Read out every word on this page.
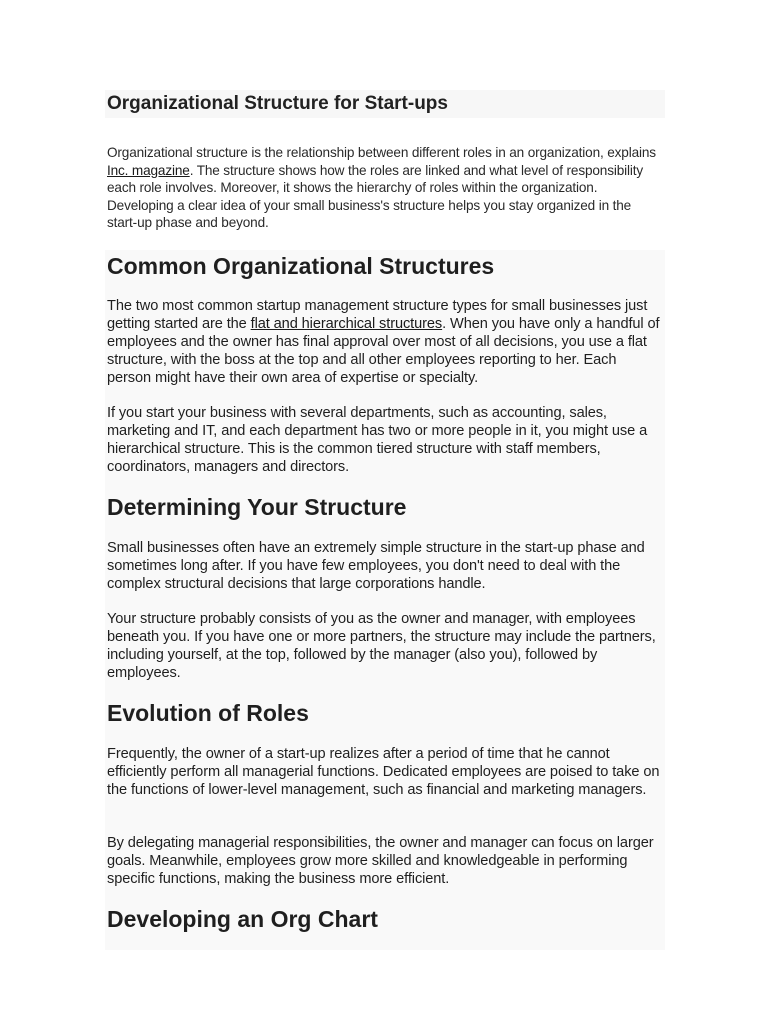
Organizational Structure for Start-ups

Organizational structure is the relationship between different roles in an organization, explains Inc. magazine. The structure shows how the roles are linked and what level of responsibility each role involves. Moreover, it shows the hierarchy of roles within the organization. Developing a clear idea of your small business's structure helps you stay organized in the start-up phase and beyond.

Common Organizational Structures

The two most common startup management structure types for small businesses just getting started are the flat and hierarchical structures. When you have only a handful of employees and the owner has final approval over most of all decisions, you use a flat structure, with the boss at the top and all other employees reporting to her. Each person might have their own area of expertise or specialty.

If you start your business with several departments, such as accounting, sales, marketing and IT, and each department has two or more people in it, you might use a hierarchical structure. This is the common tiered structure with staff members, coordinators, managers and directors.

Determining Your Structure

Small businesses often have an extremely simple structure in the start-up phase and sometimes long after. If you have few employees, you don't need to deal with the complex structural decisions that large corporations handle.

Your structure probably consists of you as the owner and manager, with employees beneath you. If you have one or more partners, the structure may include the partners, including yourself, at the top, followed by the manager (also you), followed by employees.

Evolution of Roles

Frequently, the owner of a start-up realizes after a period of time that he cannot efficiently perform all managerial functions. Dedicated employees are poised to take on the functions of lower-level management, such as financial and marketing managers.

By delegating managerial responsibilities, the owner and manager can focus on larger goals. Meanwhile, employees grow more skilled and knowledgeable in performing specific functions, making the business more efficient.

Developing an Org Chart
